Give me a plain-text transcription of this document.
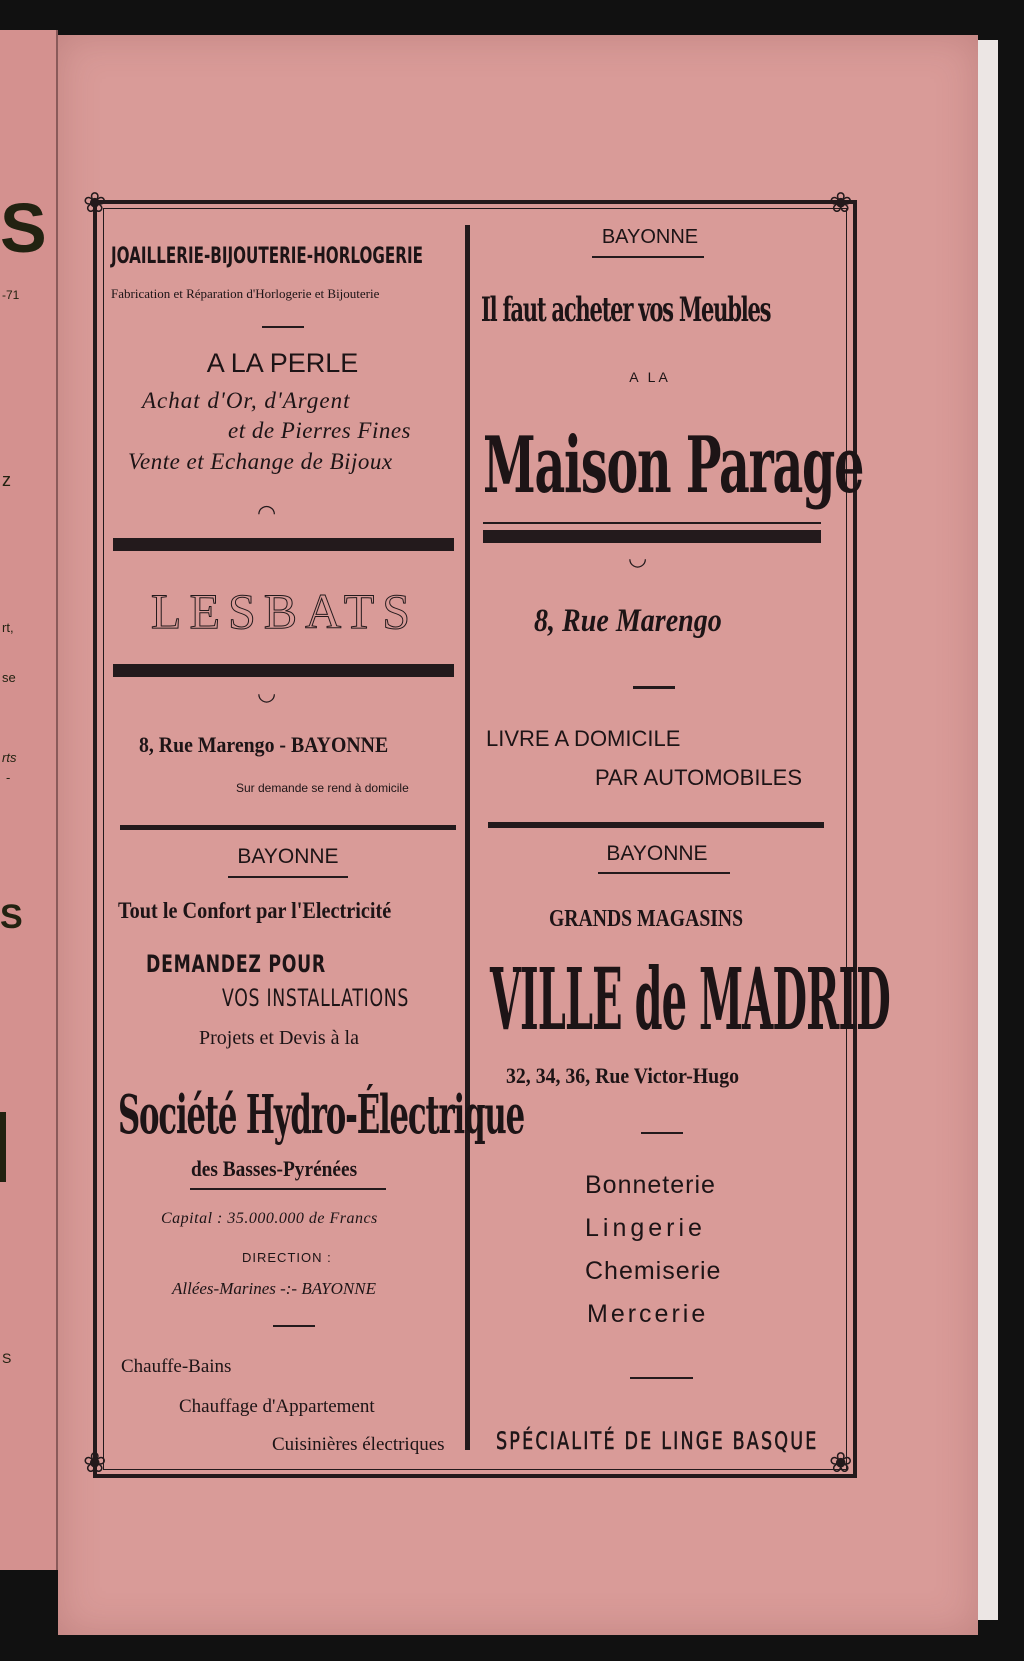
S
-71
z
rt,
se
rts
-
S
S
❀	❀
❀	❀
JOAILLERIE-BIJOUTERIE-HORLOGERIE
Fabrication et Réparation d'Horlogerie et Bijouterie
A LA PERLE
Achat d'Or, d'Argent
et de Pierres Fines
Vente et Echange de Bijoux
◠
LESBATS
◡
8, Rue Marengo - BAYONNE
Sur demande se rend à domicile
BAYONNE
Il faut acheter vos Meubles
A LA
Maison Parage
◡
8, Rue Marengo
LIVRE A DOMICILE
PAR AUTOMOBILES
BAYONNE
Tout le Confort par l'Electricité
DEMANDEZ POUR
VOS INSTALLATIONS
Projets et Devis à la
Société Hydro-Électrique
des Basses-Pyrénées
Capital : 35.000.000 de Francs
DIRECTION :
Allées-Marines -:- BAYONNE
Chauffe-Bains
Chauffage d'Appartement
Cuisinières électriques
BAYONNE
GRANDS MAGASINS
VILLE de MADRID
32, 34, 36, Rue Victor-Hugo
Bonneterie
Lingerie
Chemiserie
Mercerie
SPÉCIALITÉ DE LINGE BASQUE
